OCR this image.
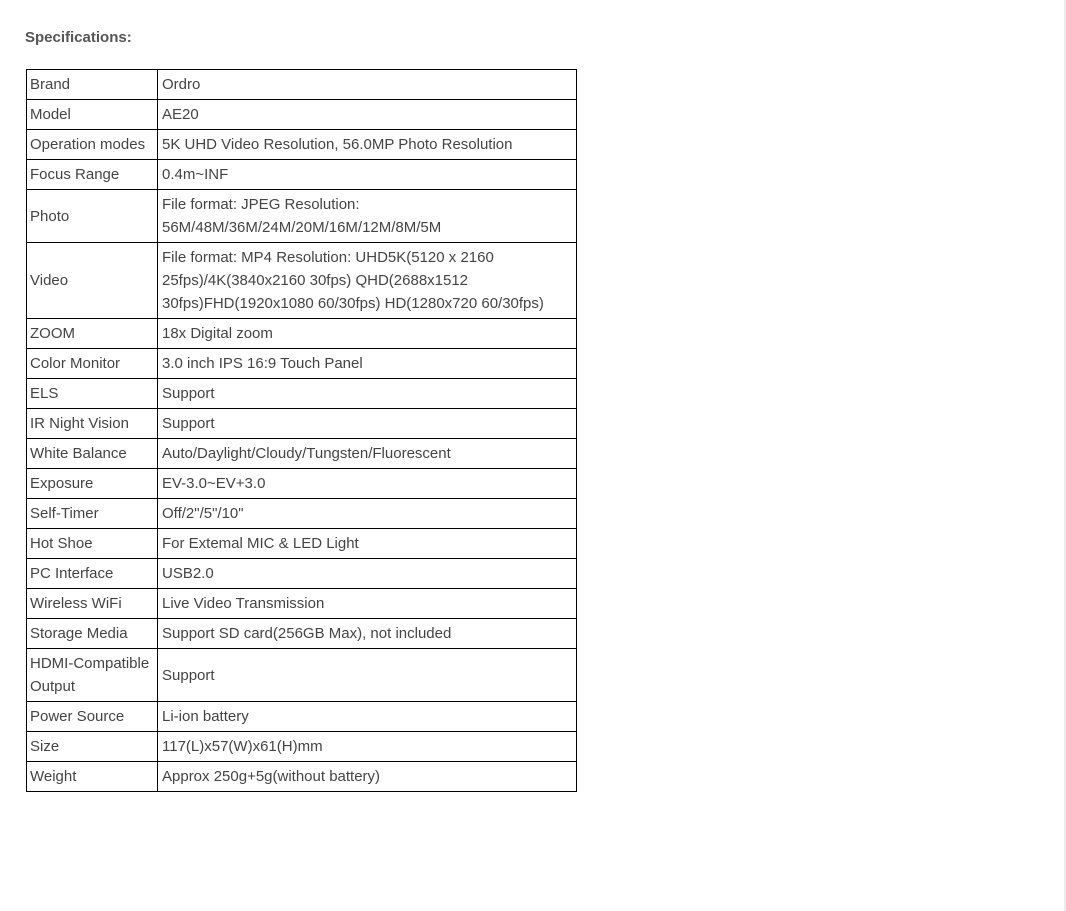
Specifications:
Brand	Ordro
Model	AE20
Operation modes	5K UHD Video Resolution, 56.0MP Photo Resolution
Focus Range	0.4m~INF
Photo	File format: JPEG Resolution: 56M/48M/36M/24M/20M/16M/12M/8M/5M
Video	File format: MP4 Resolution: UHD5K(5120 x 2160 25fps)/4K(3840x2160 30fps) QHD(2688x1512 30fps)FHD(1920x1080 60/30fps) HD(1280x720 60/30fps)
ZOOM	18x Digital zoom
Color Monitor	3.0 inch IPS 16:9 Touch Panel
ELS	Support
IR Night Vision	Support
White Balance	Auto/Daylight/Cloudy/Tungsten/Fluorescent
Exposure	EV-3.0~EV+3.0
Self-Timer	Off/2"/5"/10"
Hot Shoe	For Extemal MIC & LED Light
PC Interface	USB2.0
Wireless WiFi	Live Video Transmission
Storage Media	Support SD card(256GB Max), not included
HDMI-Compatible Output	Support
Power Source	Li-ion battery
Size	117(L)x57(W)x61(H)mm
Weight	Approx 250g+5g(without battery)
